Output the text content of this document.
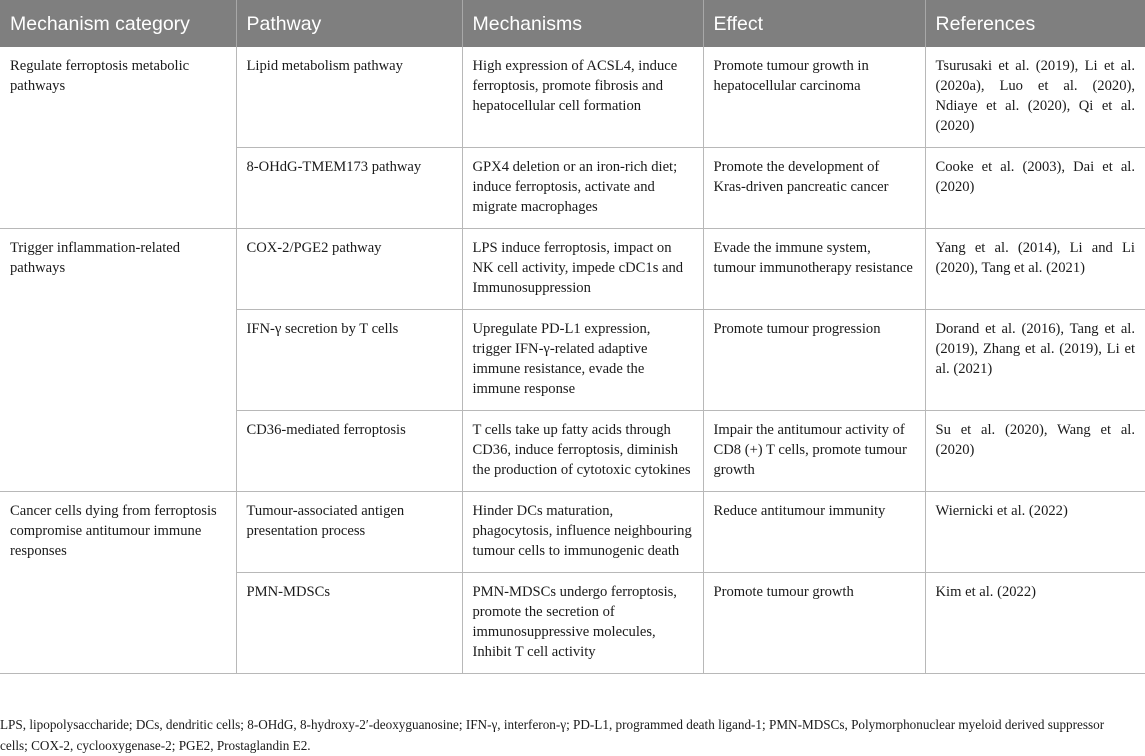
Mechanism category	Pathway	Mechanisms	Effect	References
Regulate ferroptosis metabolic pathways	Lipid metabolism pathway	High expression of ACSL4, induce ferroptosis, promote fibrosis and hepatocellular cell formation	Promote tumour growth in hepatocellular carcinoma	Tsurusaki et al. (2019), Li et al. (2020a), Luo et al. (2020), Ndiaye et al. (2020), Qi et al. (2020)
	8-OHdG-TMEM173 pathway	GPX4 deletion or an iron-rich diet; induce ferroptosis, activate and migrate macrophages	Promote the development of Kras-driven pancreatic cancer	Cooke et al. (2003), Dai et al. (2020)
Trigger inflammation-related pathways	COX-2/PGE2 pathway	LPS induce ferroptosis, impact on NK cell activity, impede cDC1s and Immunosuppression	Evade the immune system, tumour immunotherapy resistance	Yang et al. (2014), Li and Li (2020), Tang et al. (2021)
	IFN-γ secretion by T cells	Upregulate PD-L1 expression, trigger IFN-γ-related adaptive immune resistance, evade the immune response	Promote tumour progression	Dorand et al. (2016), Tang et al. (2019), Zhang et al. (2019), Li et al. (2021)
	CD36-mediated ferroptosis	T cells take up fatty acids through CD36, induce ferroptosis, diminish the production of cytotoxic cytokines	Impair the antitumour activity of CD8 (+) T cells, promote tumour growth	Su et al. (2020), Wang et al. (2020)
Cancer cells dying from ferroptosis compromise antitumour immune responses	Tumour-associated antigen presentation process	Hinder DCs maturation, phagocytosis, influence neighbouring tumour cells to immunogenic death	Reduce antitumour immunity	Wiernicki et al. (2022)
	PMN-MDSCs	PMN-MDSCs undergo ferroptosis, promote the secretion of immunosuppressive molecules, Inhibit T cell activity	Promote tumour growth	Kim et al. (2022)
LPS, lipopolysaccharide; DCs, dendritic cells; 8-OHdG, 8-hydroxy-2′-deoxyguanosine; IFN-γ, interferon-γ; PD-L1, programmed death ligand-1; PMN-MDSCs, Polymorphonuclear myeloid derived suppressor cells; COX-2, cyclooxygenase-2; PGE2, Prostaglandin E2.
